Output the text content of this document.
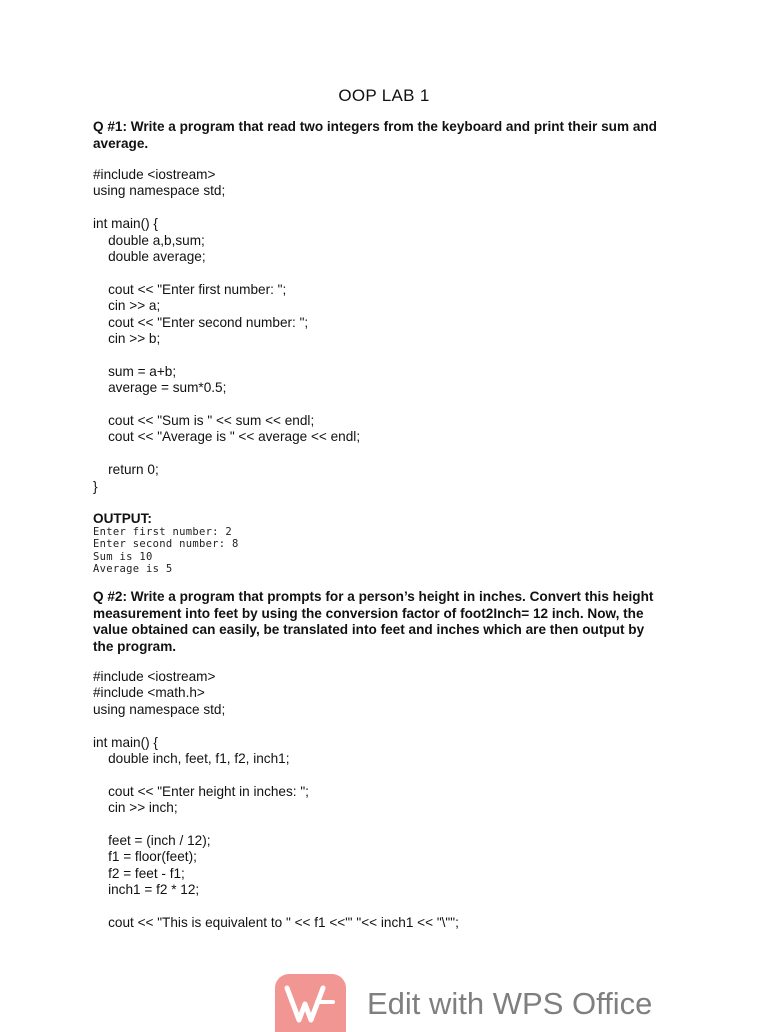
OOP LAB 1
Q #1: Write a program that read two integers from the keyboard and print their sum and average.
#include <iostream>
using namespace std;
int main() {
double a,b,sum;
double average;
cout << "Enter first number: ";
cin >> a;
cout << "Enter second number: ";
cin >> b;
sum = a+b;
average = sum*0.5;
cout << "Sum is " << sum << endl;
cout << "Average is " << average << endl;
return 0;
}
OUTPUT:
Enter first number: 2
Enter second number: 8
Sum is 10
Average is 5
Q #2: Write a program that prompts for a person’s height in inches. Convert this height measurement into feet by using the conversion factor of foot2Inch= 12 inch. Now, the value obtained can easily, be translated into feet and inches which are then output by the program.
#include <iostream>
#include <math.h>
using namespace std;
int main() {
double inch, feet, f1, f2, inch1;
cout << "Enter height in inches: ";
cin >> inch;
feet = (inch / 12);
f1 = floor(feet);
f2 = feet - f1;
inch1 = f2 * 12;
cout << "This is equivalent to " << f1 <<"' "<< inch1 << "\"";
Edit with WPS Office
